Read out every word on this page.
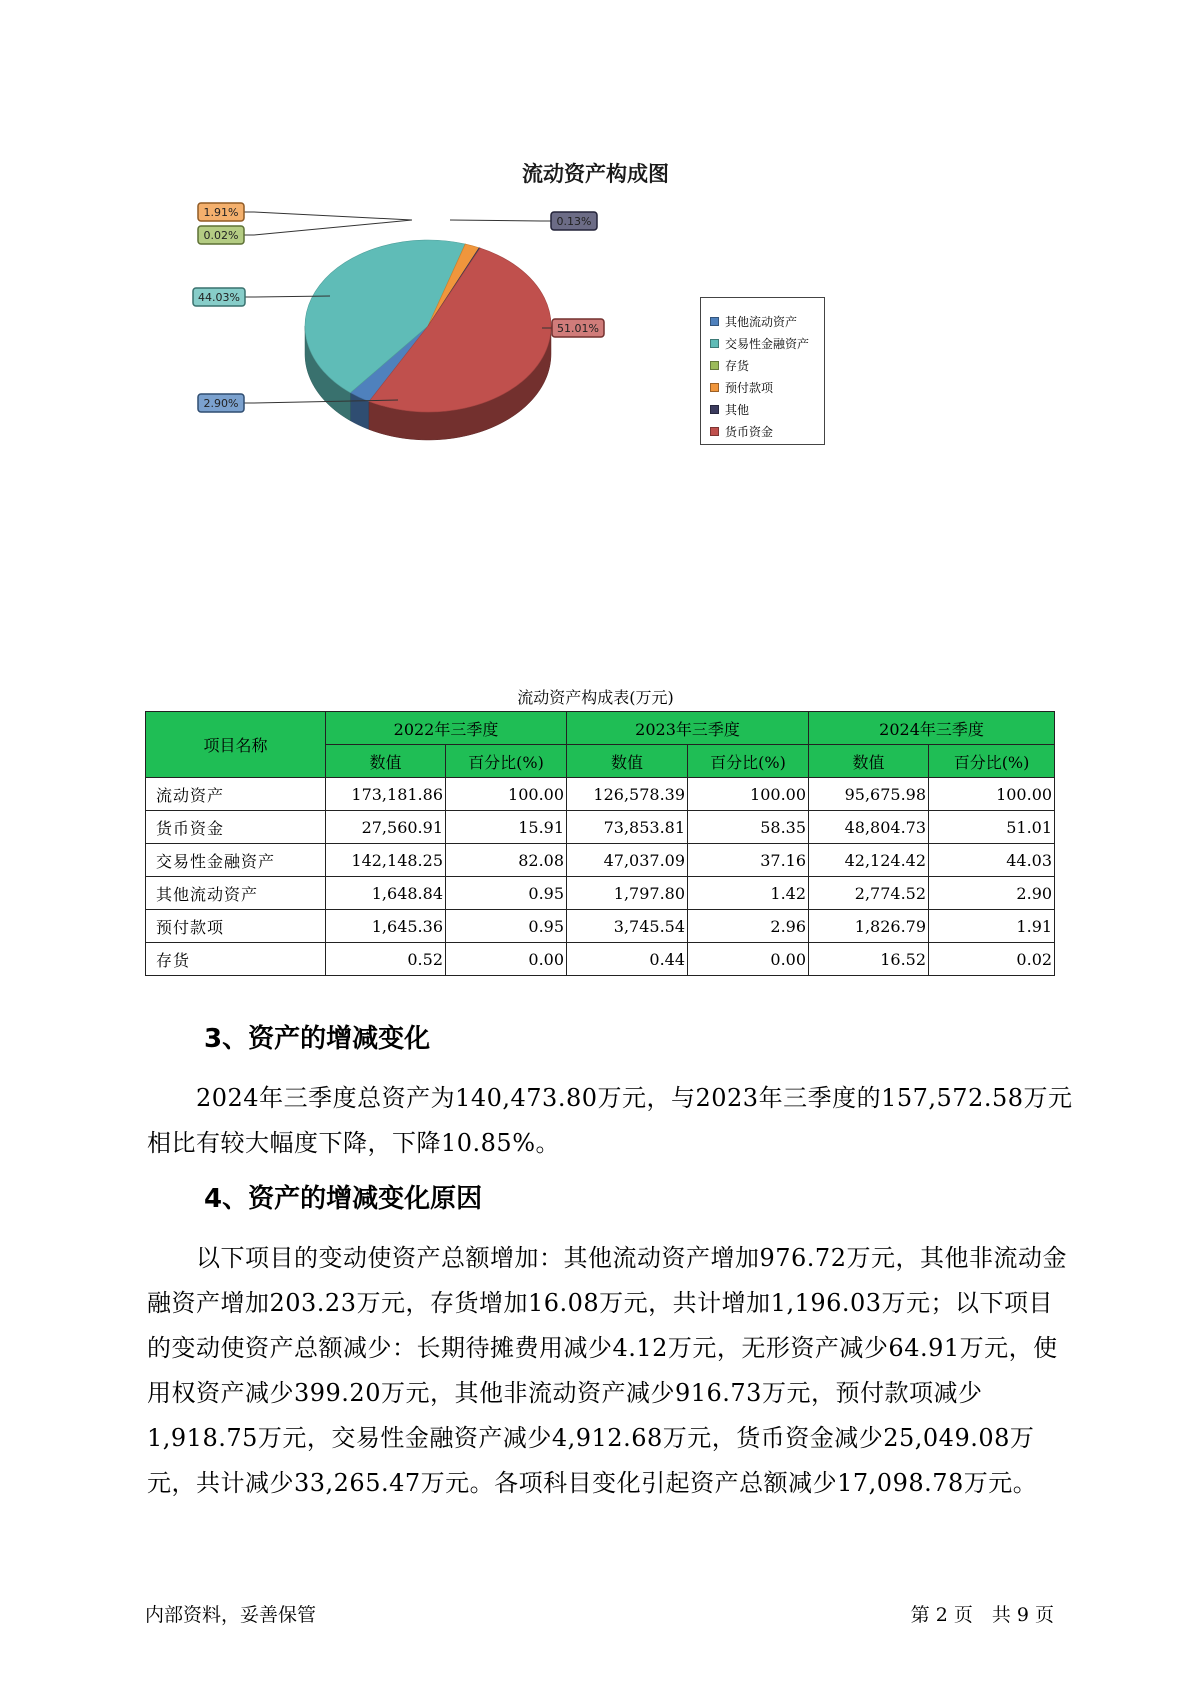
流动资产构成图
2.90%
44.03%
0.02%
1.91%
0.13%
51.01%	其他流动资产
交易性金融资产
存货
预付款项
其他
货币资金
流动资产构成表(万元)
项目名称	2022年三季度		2023年三季度		2024年三季度	
	数值	百分比(%)	数值	百分比(%)	数值	百分比(%)
流动资产	173,181.86	100.00	126,578.39	100.00	95,675.98	100.00
货币资金	27,560.91	15.91	73,853.81	58.35	48,804.73	51.01
交易性金融资产	142,148.25	82.08	47,037.09	37.16	42,124.42	44.03
其他流动资产	1,648.84	0.95	1,797.80	1.42	2,774.52	2.90
预付款项	1,645.36	0.95	3,745.54	2.96	1,826.79	1.91
存货	0.52	0.00	0.44	0.00	16.52	0.02
3、资产的增减变化
　　2024年三季度总资产为140,473.80万元，与2023年三季度的157,572.58万元相比有较大幅度下降，下降10.85%。
4、资产的增减变化原因
　　以下项目的变动使资产总额增加：其他流动资产增加976.72万元，其他非流动金融资产增加203.23万元，存货增加16.08万元，共计增加1,196.03万元；以下项目的变动使资产总额减少：长期待摊费用减少4.12万元，无形资产减少64.91万元，使用权资产减少399.20万元，其他非流动资产减少916.73万元，预付款项减少1,918.75万元，交易性金融资产减少4,912.68万元，货币资金减少25,049.08万元，共计减少33,265.47万元。各项科目变化引起资产总额减少17,098.78万元。
内部资料，妥善保管	第 2 页　共 9 页
